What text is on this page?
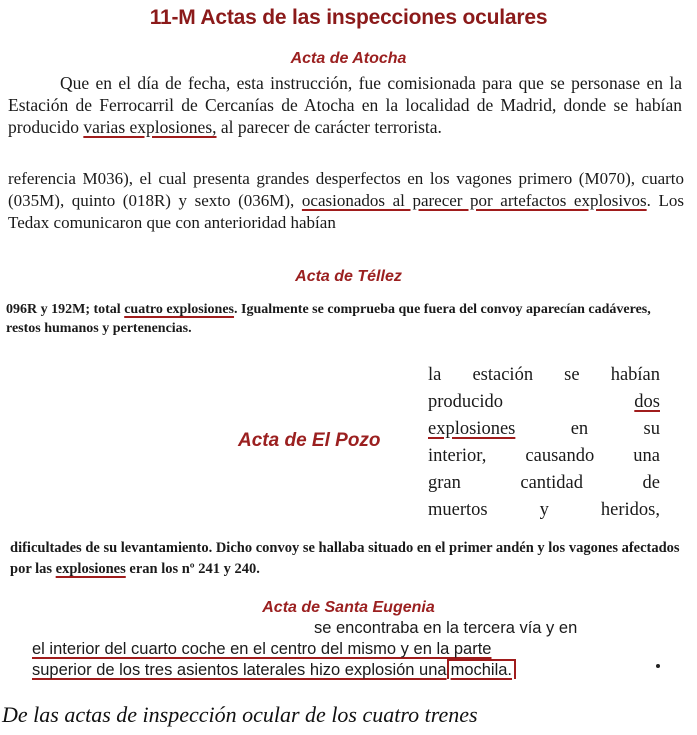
11-M Actas de las inspecciones oculares
Acta de Atocha
Que en el día de fecha, esta instrucción, fue comisionada para que se personase en la Estación de Ferrocarril de Cercanías de Atocha en la localidad de Madrid, donde se habían producido varias explosiones, al parecer de carácter terrorista.
referencia M036), el cual presenta grandes desperfectos en los vagones primero (M070), cuarto (035M), quinto (018R) y sexto (036M), ocasionados al parecer por artefactos explosivos. Los Tedax comunicaron que con anterioridad habían
Acta de Téllez
096R y 192M; total cuatro explosiones. Igualmente se comprueba que fuera del convoy aparecían cadáveres, restos humanos y pertenencias.
Acta de El Pozo
la estación se habían
producido	dos
explosiones	en	su
interior, causando una
gran	cantidad	de
muertos	y	heridos,
dificultades de su levantamiento. Dicho convoy se hallaba situado en el primer andén y los vagones afectados por las explosiones eran los nº 241 y 240.
Acta de Santa Eugenia
se encontraba en la tercera vía y en
el interior del cuarto coche en el centro del mismo y en la parte
superior de los tres asientos laterales hizo explosión una mochila.
De las actas de inspección ocular de los cuatro trenes
